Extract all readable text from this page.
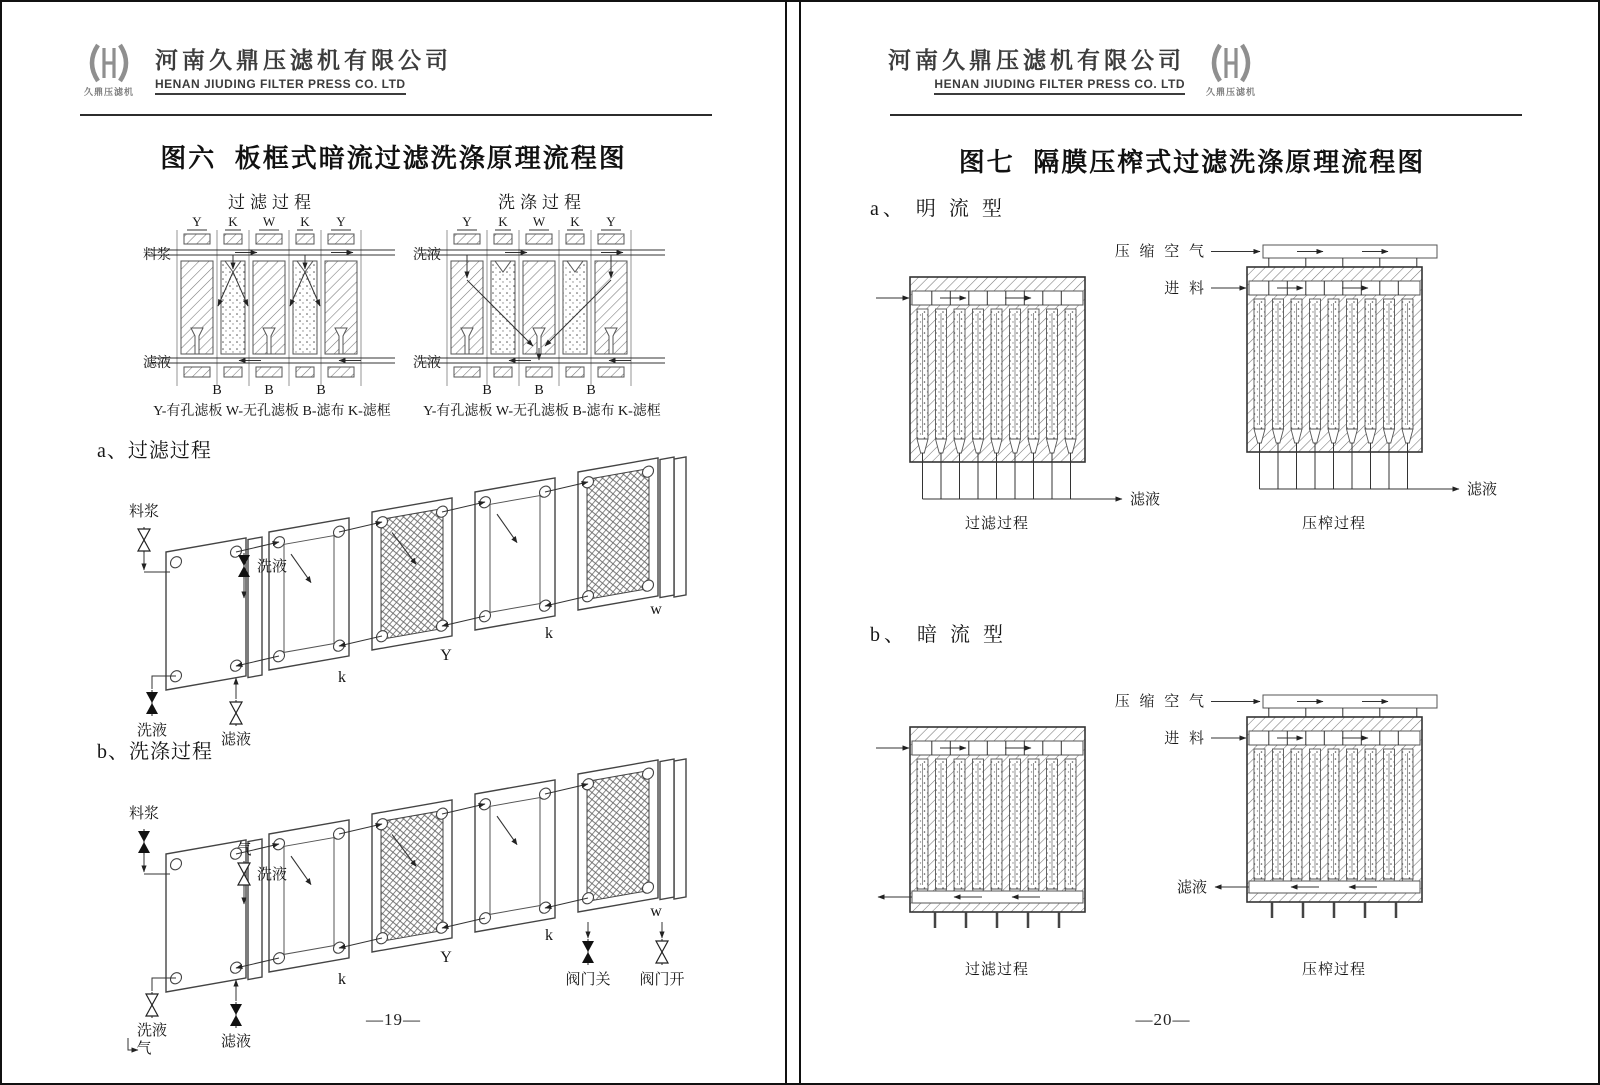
久鼎压滤机
河南久鼎压滤机有限公司
HENAN JIUDING FILTER PRESS CO. LTD
图六  板框式暗流过滤洗涤原理流程图
过滤过程	洗涤过程
Y K W K Y
料浆
滤液
B	B	B
Y K W K Y
洗液
洗液
B	B	B
Y-有孔滤板 W-无孔滤板 B-滤布 K-滤框	Y-有孔滤板 W-无孔滤板 B-滤布 K-滤框
a、过滤过程
料浆
洗液
洗液
滤液
k
Y
k
w
b、洗涤过程
料浆
气
洗液
洗液
气	滤液
k
Y
k
w
阀门关 阀门开
—19—
久鼎压滤机
河南久鼎压滤机有限公司
HENAN JIUDING FILTER PRESS CO. LTD
图七  隔膜压榨式过滤洗涤原理流程图
a、 明 流 型
滤液
压 缩 空 气
进 料
滤液
过滤过程	压榨过程
b、 暗 流 型
压 缩 空 气
进 料
滤液
过滤过程	压榨过程
—20—
